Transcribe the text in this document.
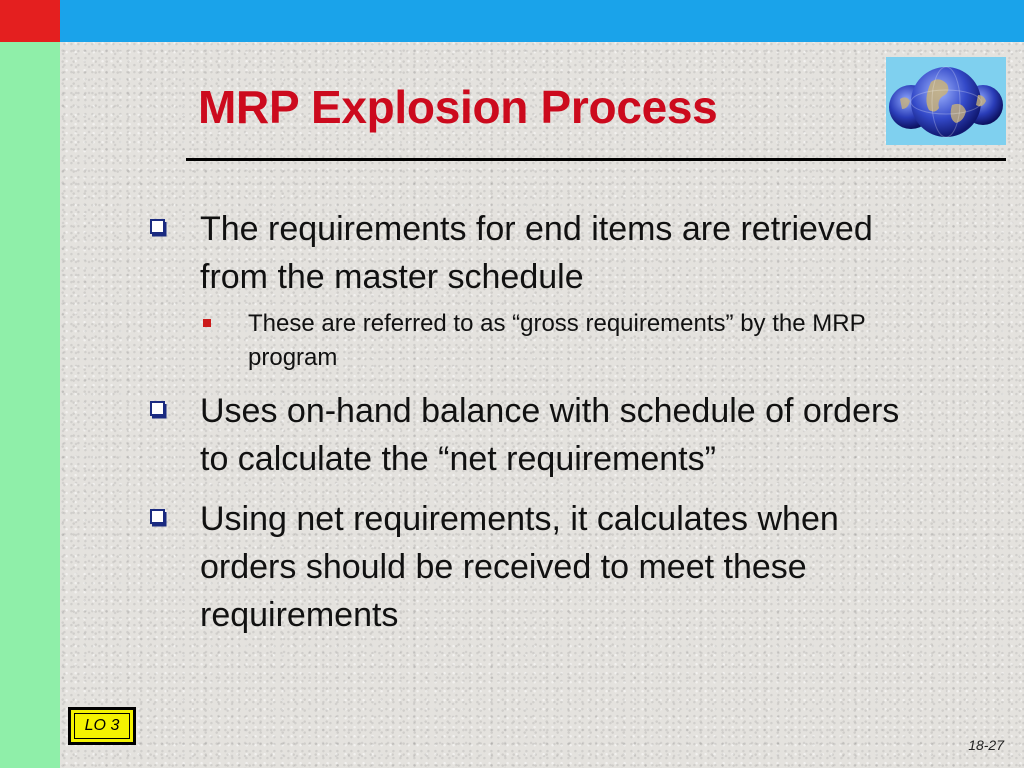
MRP Explosion Process
The requirements for end items are retrieved from the master schedule
These are referred to as “gross requirements” by the MRP program
Uses on-hand balance with schedule of orders to calculate the “net requirements”
Using net requirements, it calculates when orders should be received to meet these requirements
LO 3
18-27
